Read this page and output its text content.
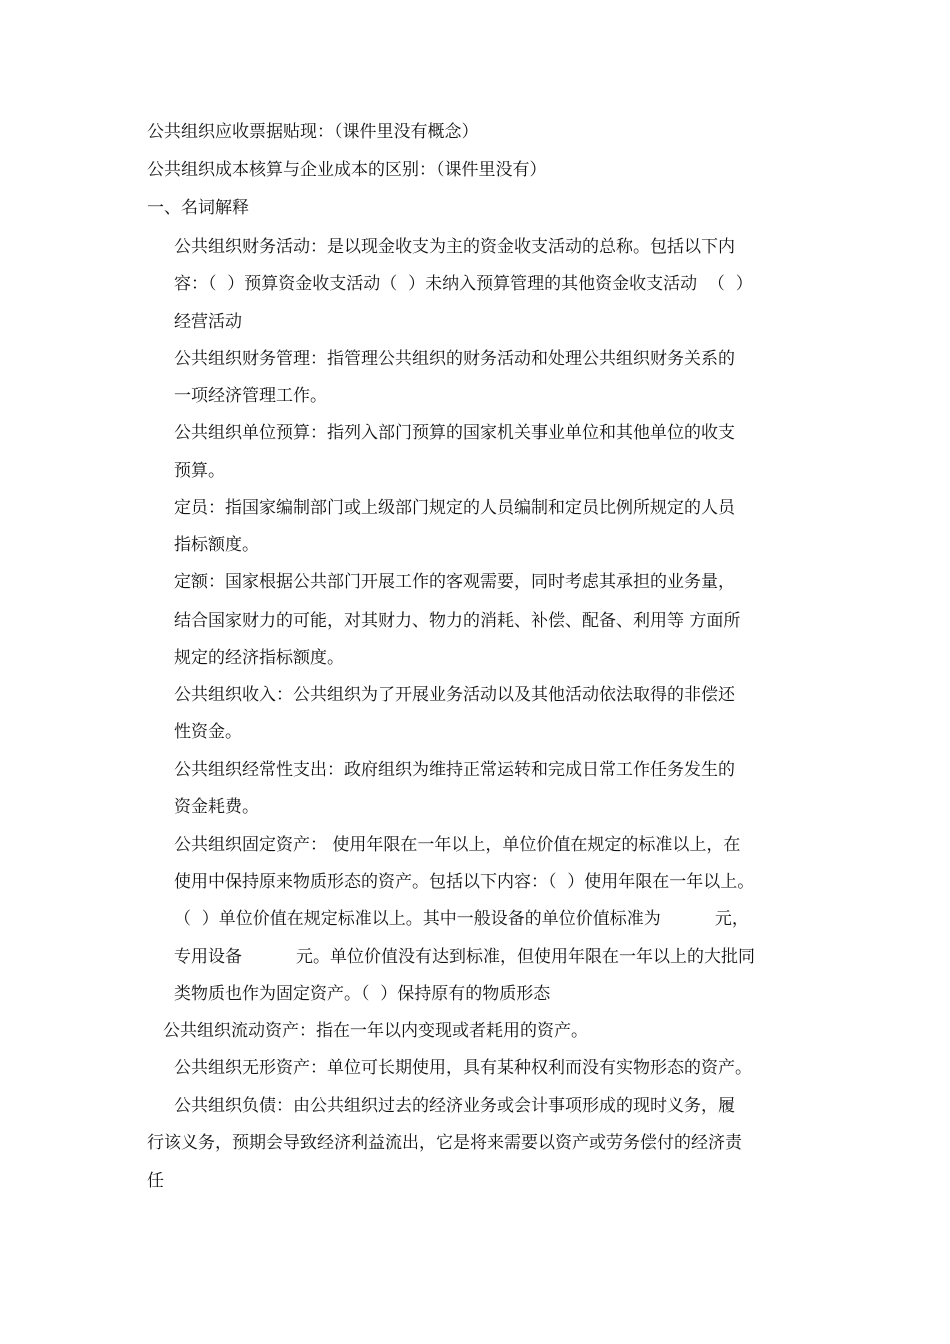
公共组织应收票据贴现：（课件里没有概念）

公共组织成本核算与企业成本的区别：（课件里没有）

一、名词解释

公共组织财务活动：是以现金收支为主的资金收支活动的总称。包括以下内

容：（  ）预算资金收支活动（  ）未纳入预算管理的其他资金收支活动  （  ）

经营活动

公共组织财务管理：指管理公共组织的财务活动和处理公共组织财务关系的

一项经济管理工作。

公共组织单位预算：指列入部门预算的国家机关事业单位和其他单位的收支

预算。

定员：指国家编制部门或上级部门规定的人员编制和定员比例所规定的人员

指标额度。

定额：国家根据公共部门开展工作的客观需要，同时考虑其承担的业务量，

结合国家财力的可能，对其财力、物力的消耗、补偿、配备、利用等 方面所

规定的经济指标额度。

公共组织收入：公共组织为了开展业务活动以及其他活动依法取得的非偿还

性资金。

公共组织经常性支出：政府组织为维持正常运转和完成日常工作任务发生的

资金耗费。

公共组织固定资产： 使用年限在一年以上，单位价值在规定的标准以上，在

使用中保持原来物质形态的资产。包括以下内容：（  ）使用年限在一年以上。

（  ）单位价值在规定标准以上。其中一般设备的单位价值标准为          元，

专用设备          元。单位价值没有达到标准，但使用年限在一年以上的大批同

类物质也作为固定资产。（  ）保持原有的物质形态

公共组织流动资产：指在一年以内变现或者耗用的资产。

公共组织无形资产：单位可长期使用，具有某种权利而没有实物形态的资产。

公共组织负债：由公共组织过去的经济业务或会计事项形成的现时义务，履

行该义务，预期会导致经济利益流出，它是将来需要以资产或劳务偿付的经济责

任
